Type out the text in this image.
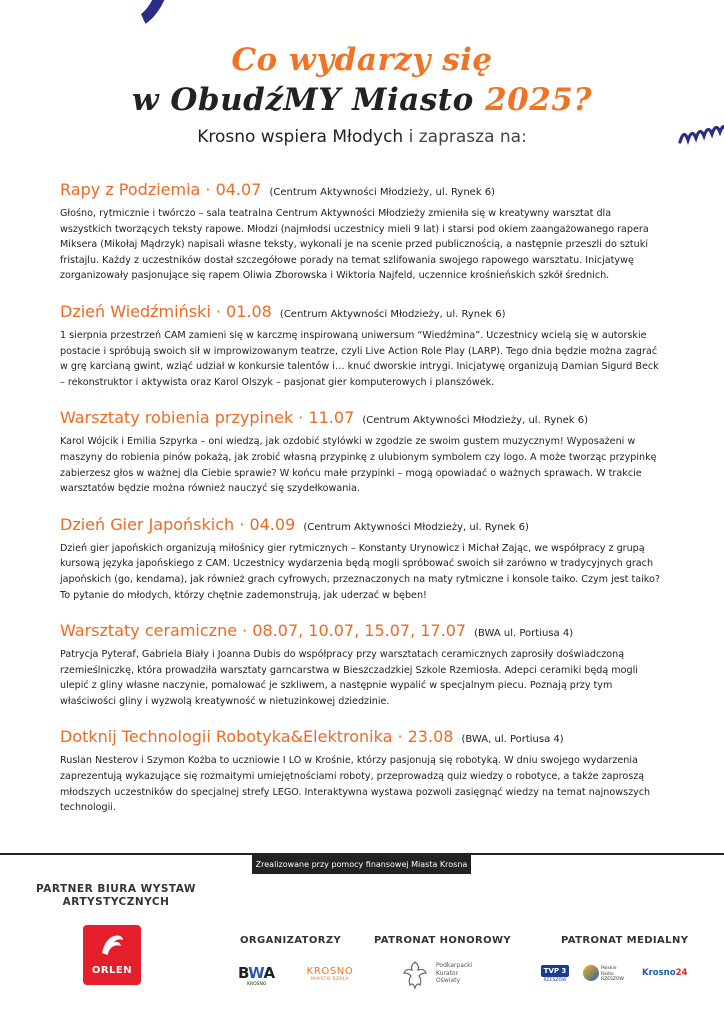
Co wydarzy się
w ObudźMY Miasto 2025?
Krosno wspiera Młodych i zaprasza na:
Rapy z Podziemia · 04.07 (Centrum Aktywności Młodzieży, ul. Rynek 6)
Głośno, rytmicznie i twórczo – sala teatralna Centrum Aktywności Młodzieży zmieniła się w kreatywny warsztat dla wszystkich tworzących teksty rapowe. Młodzi (najmłodsi uczestnicy mieli 9 lat) i starsi pod okiem zaangażowanego rapera Miksera (Mikołaj Mądrzyk) napisali własne teksty, wykonali je na scenie przed publicznością, a następnie przeszli do sztuki fristajlu. Każdy z uczestników dostał szczegółowe porady na temat szlifowania swojego rapowego warsztatu. Inicjatywę zorganizowały pasjonujące się rapem Oliwia Zborowska i Wiktoria Najfeld, uczennice krośnieńskich szkół średnich.
Dzień Wiedźmiński · 01.08 (Centrum Aktywności Młodzieży, ul. Rynek 6)
1 sierpnia przestrzeń CAM zamieni się w karczmę inspirowaną uniwersum “Wiedźmina”. Uczestnicy wcielą się w autorskie postacie i spróbują swoich sił w improwizowanym teatrze, czyli Live Action Role Play (LARP). Tego dnia będzie można zagrać w grę karcianą gwint, wziąć udział w konkursie talentów i… knuć dworskie intrygi. Inicjatywę organizują Damian Sigurd Beck – rekonstruktor i aktywista oraz Karol Olszyk – pasjonat gier komputerowych i planszówek.
Warsztaty robienia przypinek · 11.07 (Centrum Aktywności Młodzieży, ul. Rynek 6)
Karol Wójcik i Emilia Szpyrka – oni wiedzą, jak ozdobić stylówki w zgodzie ze swoim gustem muzycznym! Wyposażeni w maszyny do robienia pinów pokażą, jak zrobić własną przypinkę z ulubionym symbolem czy logo. A może tworząc przypinkę zabierzesz głos w ważnej dla Ciebie sprawie? W końcu małe przypinki – mogą opowiadać o ważnych sprawach. W trakcie warsztatów będzie można również nauczyć się szydełkowania.
Dzień Gier Japońskich · 04.09 (Centrum Aktywności Młodzieży, ul. Rynek 6)
Dzień gier japońskich organizują miłośnicy gier rytmicznych – Konstanty Urynowicz i Michał Zając, we współpracy z grupą kursową języka japońskiego z CAM. Uczestnicy wydarzenia będą mogli spróbować swoich sił zarówno w tradycyjnych grach japońskich (go, kendama), jak również grach cyfrowych, przeznaczonych na maty rytmiczne i konsole taiko. Czym jest taiko? To pytanie do młodych, którzy chętnie zademonstrują, jak uderzać w bęben!
Warsztaty ceramiczne · 08.07, 10.07, 15.07, 17.07 (BWA ul. Portiusa 4)
Patrycja Pyteraf, Gabriela Biały i Joanna Dubis do współpracy przy warsztatach ceramicznych zaprosiły doświadczoną rzemieślniczkę, która prowadziła warsztaty garncarstwa w Bieszczadzkiej Szkole Rzemiosła. Adepci ceramiki będą mogli ulepić z gliny własne naczynie, pomalować je szkliwem, a następnie wypalić w specjalnym piecu. Poznają przy tym właściwości gliny i wyzwolą kreatywność w nietuzinkowej dziedzinie.
Dotknij Technologii Robotyka&Elektronika · 23.08 (BWA, ul. Portiusa 4)
Ruslan Nesterov i Szymon Kożba to uczniowie I LO w Krośnie, którzy pasjonują się robotyką. W dniu swojego wydarzenia zaprezentują wykazujące się rozmaitymi umiejętnościami roboty, przeprowadzą quiz wiedzy o robotyce, a także zaproszą młodszych uczestników do specjalnej strefy LEGO. Interaktywna wystawa pozwoli zasięgnąć wiedzy na temat najnowszych technologii.
Zrealizowane przy pomocy finansowej Miasta Krosna
PARTNER BIURA WYSTAW ARTYSTYCZNYCH
ORLEN
ORGANIZATORZY	PATRONAT HONOROWY	PATRONAT MEDIALNY
BWA
KROSNO
KROSNO
MIASTO SZKŁA
Podkarpacki Kurator Oświaty
TVP 3
RZESZÓW
Polskie Radio RZESZÓW
Krosno24
